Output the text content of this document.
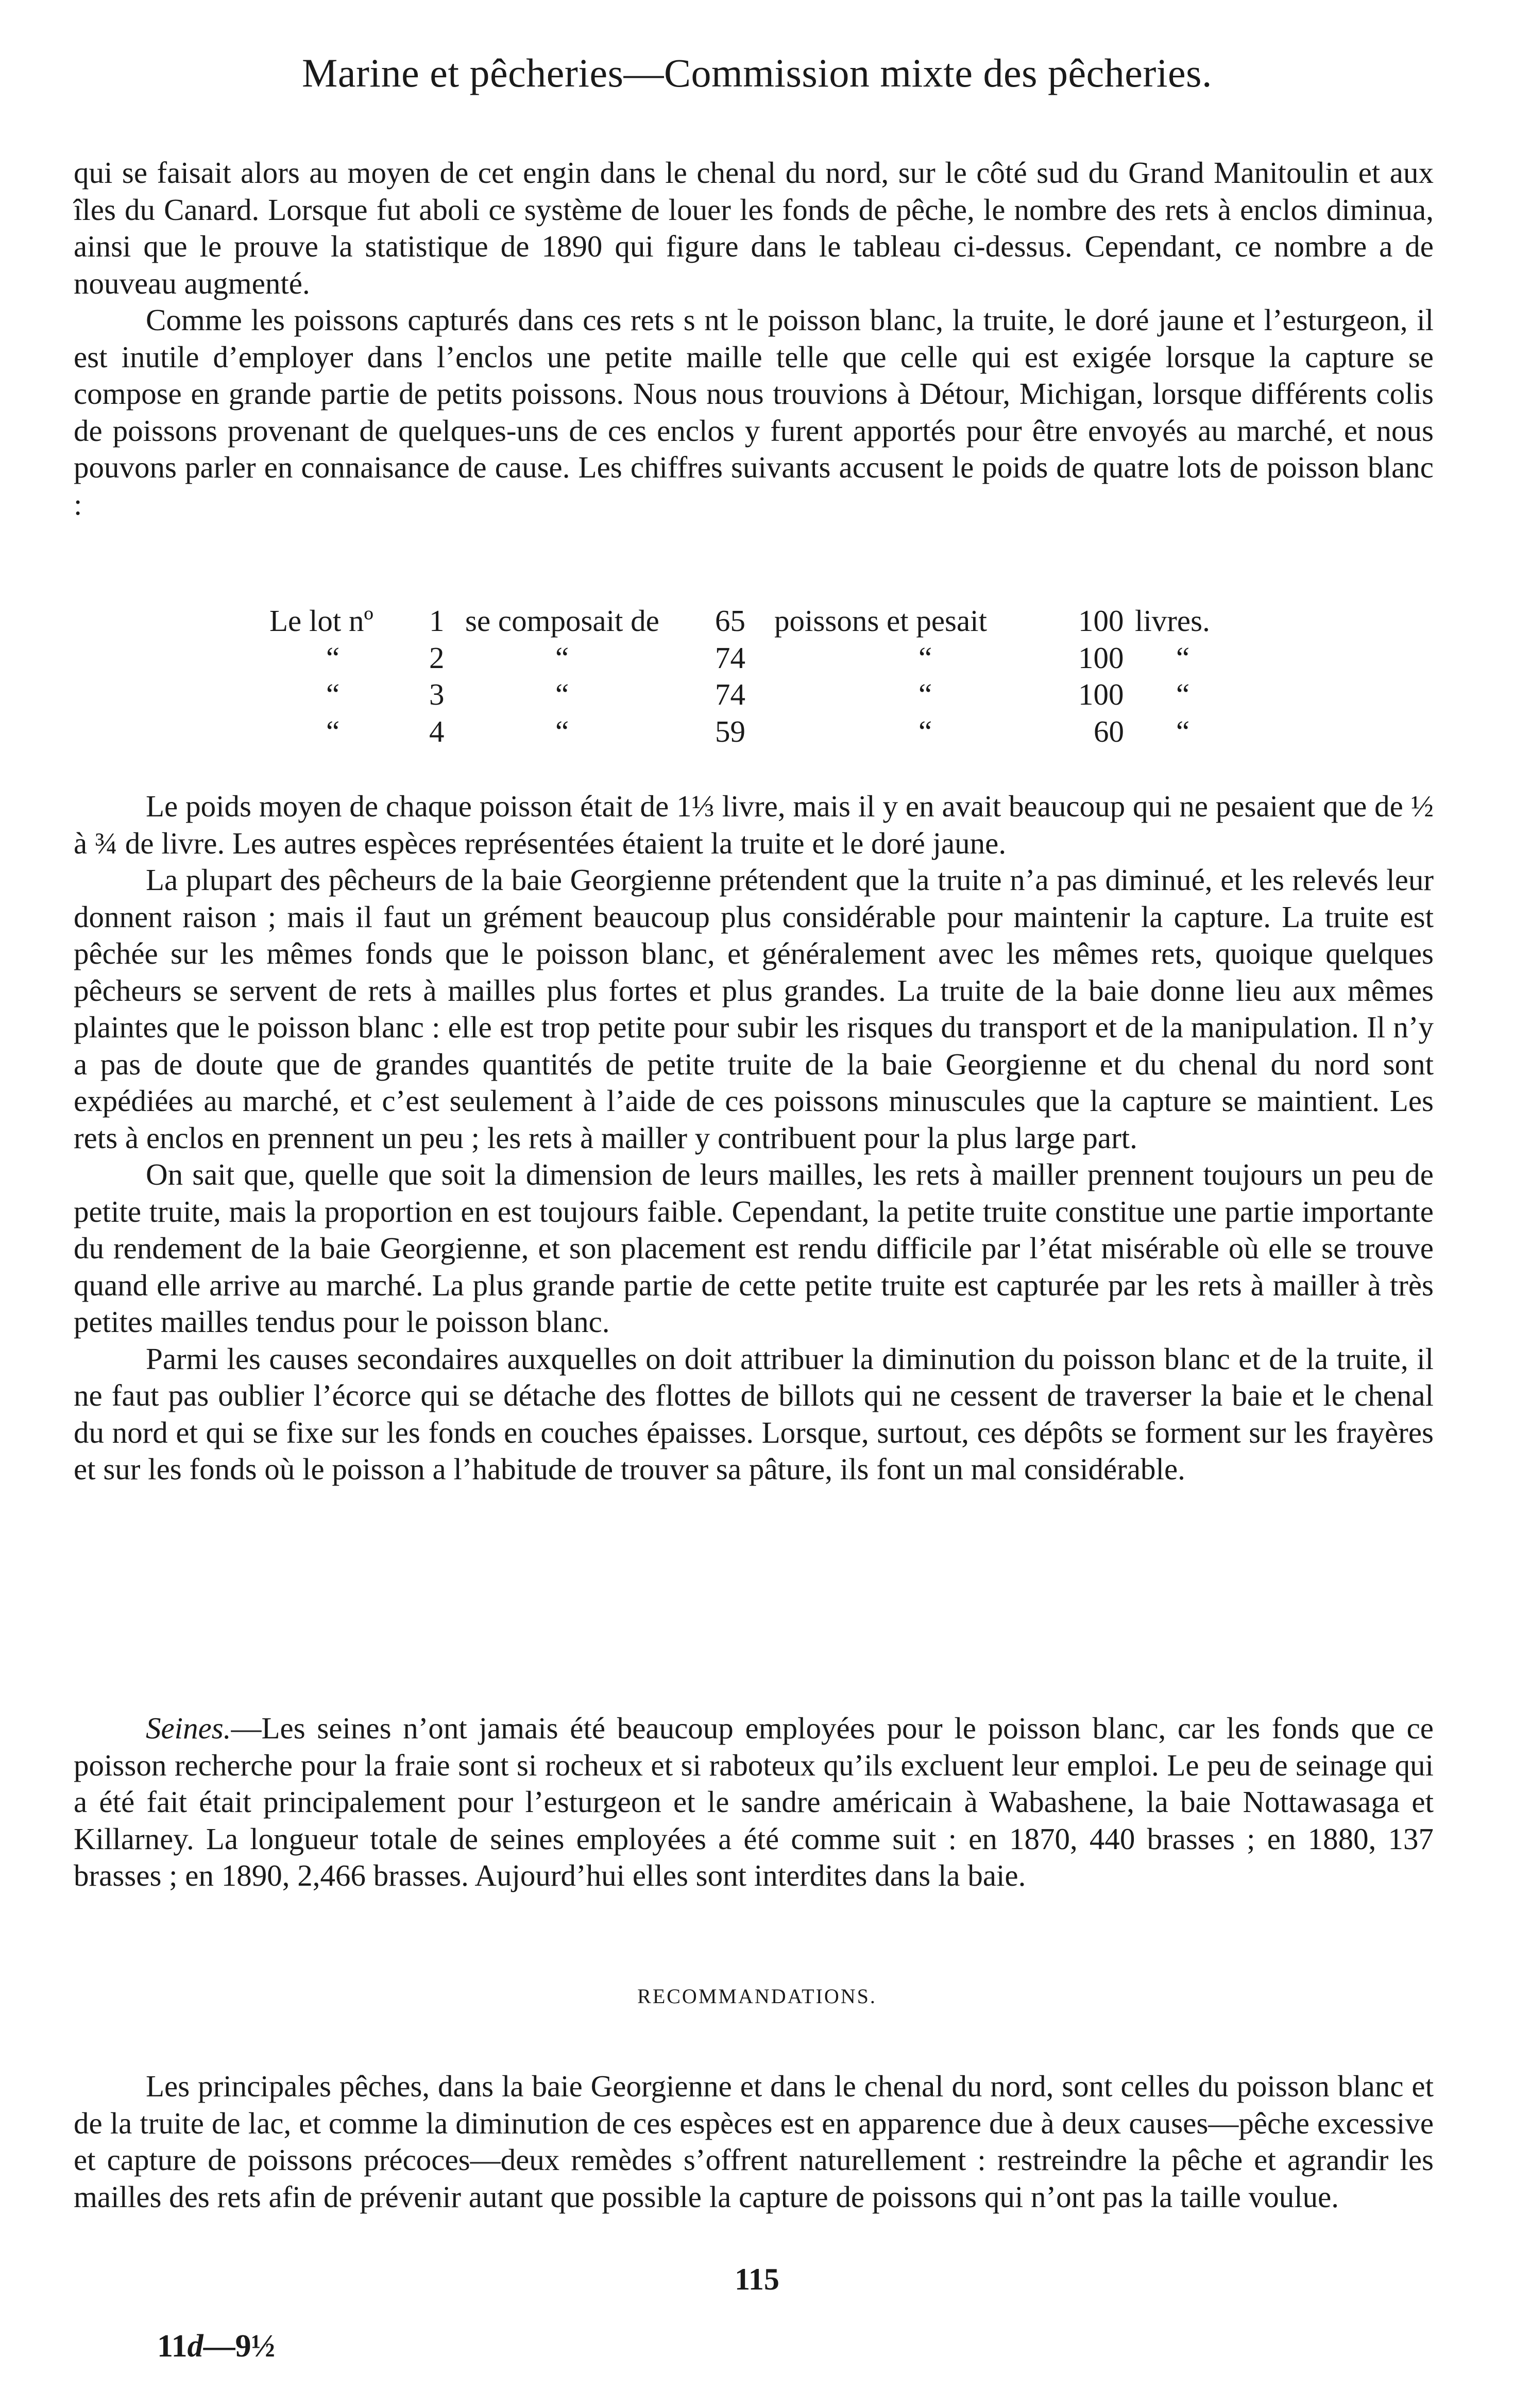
Marine et pêcheries—Commission mixte des pêcheries.

qui se faisait alors au moyen de cet engin dans le chenal du nord, sur le côté sud du Grand Manitoulin et aux îles du Canard. Lorsque fut aboli ce système de louer les fonds de pêche, le nombre des rets à enclos diminua, ainsi que le prouve la statistique de 1890 qui figure dans le tableau ci-dessus. Cependant, ce nombre a de nouveau augmenté.

Comme les poissons capturés dans ces rets s nt le poisson blanc, la truite, le doré jaune et l’esturgeon, il est inutile d’employer dans l’enclos une petite maille telle que celle qui est exigée lorsque la capture se compose en grande partie de petits poissons. Nous nous trouvions à Détour, Michigan, lorsque différents colis de poissons provenant de quelques-uns de ces enclos y furent apportés pour être envoyés au marché, et nous pouvons parler en connaisance de cause. Les chiffres suivants accusent le poids de quatre lots de poisson blanc :

Le lot nº 1 se composait de 65 poissons et pesait	100 livres.
“	2	“	74	“	100 “
“	3	“	74	“	100 “
“	4	“	59	“	60 “

Le poids moyen de chaque poisson était de 1⅓ livre, mais il y en avait beaucoup qui ne pesaient que de ½ à ¾ de livre. Les autres espèces représentées étaient la truite et le doré jaune.

La plupart des pêcheurs de la baie Georgienne prétendent que la truite n’a pas diminué, et les relevés leur donnent raison ; mais il faut un grément beaucoup plus considérable pour maintenir la capture. La truite est pêchée sur les mêmes fonds que le poisson blanc, et généralement avec les mêmes rets, quoique quelques pêcheurs se servent de rets à mailles plus fortes et plus grandes. La truite de la baie donne lieu aux mêmes plaintes que le poisson blanc : elle est trop petite pour subir les risques du transport et de la manipulation. Il n’y a pas de doute que de grandes quantités de petite truite de la baie Georgienne et du chenal du nord sont expédiées au marché, et c’est seulement à l’aide de ces poissons minuscules que la capture se maintient. Les rets à enclos en prennent un peu ; les rets à mailler y contribuent pour la plus large part.

On sait que, quelle que soit la dimension de leurs mailles, les rets à mailler prennent toujours un peu de petite truite, mais la proportion en est toujours faible. Cependant, la petite truite constitue une partie importante du rendement de la baie Georgienne, et son placement est rendu difficile par l’état misérable où elle se trouve quand elle arrive au marché. La plus grande partie de cette petite truite est capturée par les rets à mailler à très petites mailles tendus pour le poisson blanc.

Parmi les causes secondaires auxquelles on doit attribuer la diminution du poisson blanc et de la truite, il ne faut pas oublier l’écorce qui se détache des flottes de billots qui ne cessent de traverser la baie et le chenal du nord et qui se fixe sur les fonds en couches épaisses. Lorsque, surtout, ces dépôts se forment sur les frayères et sur les fonds où le poisson a l’habitude de trouver sa pâture, ils font un mal considérable.

Seines.—Les seines n’ont jamais été beaucoup employées pour le poisson blanc, car les fonds que ce poisson recherche pour la fraie sont si rocheux et si raboteux qu’ils excluent leur emploi. Le peu de seinage qui a été fait était principalement pour l’esturgeon et le sandre américain à Wabashene, la baie Nottawasaga et Killarney. La longueur totale de seines employées a été comme suit : en 1870, 440 brasses ; en 1880, 137 brasses ; en 1890, 2,466 brasses. Aujourd’hui elles sont interdites dans la baie.

RECOMMANDATIONS.

Les principales pêches, dans la baie Georgienne et dans le chenal du nord, sont celles du poisson blanc et de la truite de lac, et comme la diminution de ces espèces est en apparence due à deux causes—pêche excessive et capture de poissons précoces—deux remèdes s’offrent naturellement : restreindre la pêche et agrandir les mailles des rets afin de prévenir autant que possible la capture de poissons qui n’ont pas la taille voulue.

115
11d—9½
